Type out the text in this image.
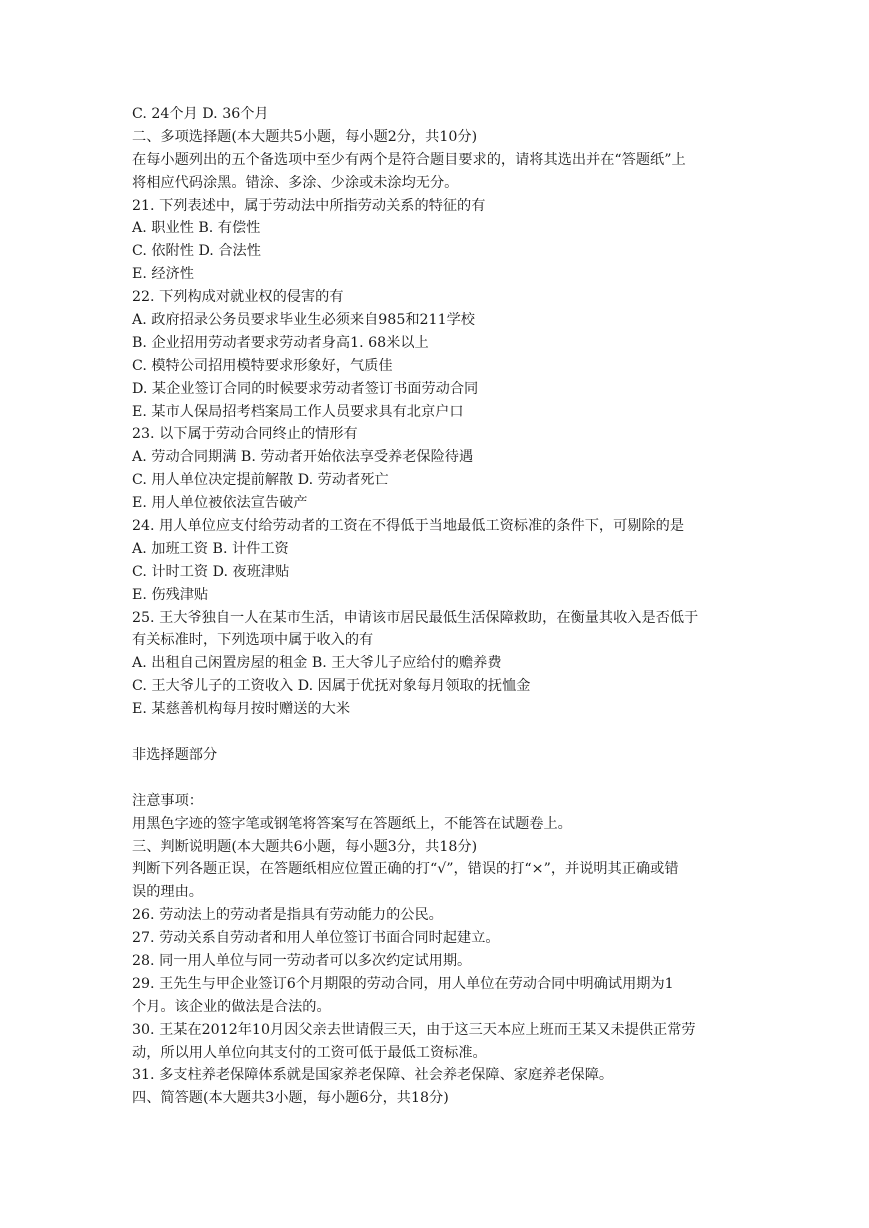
C. 24个月 D. 36个月
二、多项选择题(本大题共5小题，每小题2分，共10分)
在每小题列出的五个备选项中至少有两个是符合题目要求的，请将其选出并在“答题纸”上
将相应代码涂黑。错涂、多涂、少涂或未涂均无分。
21. 下列表述中，属于劳动法中所指劳动关系的特征的有
A. 职业性 B. 有偿性
C. 依附性 D. 合法性
E. 经济性
22. 下列构成对就业权的侵害的有
A. 政府招录公务员要求毕业生必须来自985和211学校
B. 企业招用劳动者要求劳动者身高1. 68米以上
C. 模特公司招用模特要求形象好，气质佳
D. 某企业签订合同的时候要求劳动者签订书面劳动合同
E. 某市人保局招考档案局工作人员要求具有北京户口
23. 以下属于劳动合同终止的情形有
A. 劳动合同期满 B. 劳动者开始依法享受养老保险待遇
C. 用人单位决定提前解散 D. 劳动者死亡
E. 用人单位被依法宣告破产
24. 用人单位应支付给劳动者的工资在不得低于当地最低工资标准的条件下，可剔除的是
A. 加班工资 B. 计件工资
C. 计时工资 D. 夜班津贴
E. 伤残津贴
25. 王大爷独自一人在某市生活，申请该市居民最低生活保障救助，在衡量其收入是否低于
有关标准时，下列选项中属于收入的有
A. 出租自己闲置房屋的租金 B. 王大爷儿子应给付的赡养费
C. 王大爷儿子的工资收入 D. 因属于优抚对象每月领取的抚恤金
E. 某慈善机构每月按时赠送的大米
非选择题部分
注意事项：
用黑色字迹的签字笔或钢笔将答案写在答题纸上，不能答在试题卷上。
三、判断说明题(本大题共6小题，每小题3分，共18分)
判断下列各题正误，在答题纸相应位置正确的打“√”，错误的打“×”，并说明其正确或错
误的理由。
26. 劳动法上的劳动者是指具有劳动能力的公民。
27. 劳动关系自劳动者和用人单位签订书面合同时起建立。
28. 同一用人单位与同一劳动者可以多次约定试用期。
29. 王先生与甲企业签订6个月期限的劳动合同，用人单位在劳动合同中明确试用期为1
个月。该企业的做法是合法的。
30. 王某在2012年10月因父亲去世请假三天，由于这三天本应上班而王某又未提供正常劳
动，所以用人单位向其支付的工资可低于最低工资标准。
31. 多支柱养老保障体系就是国家养老保障、社会养老保障、家庭养老保障。
四、简答题(本大题共3小题，每小题6分，共18分)
